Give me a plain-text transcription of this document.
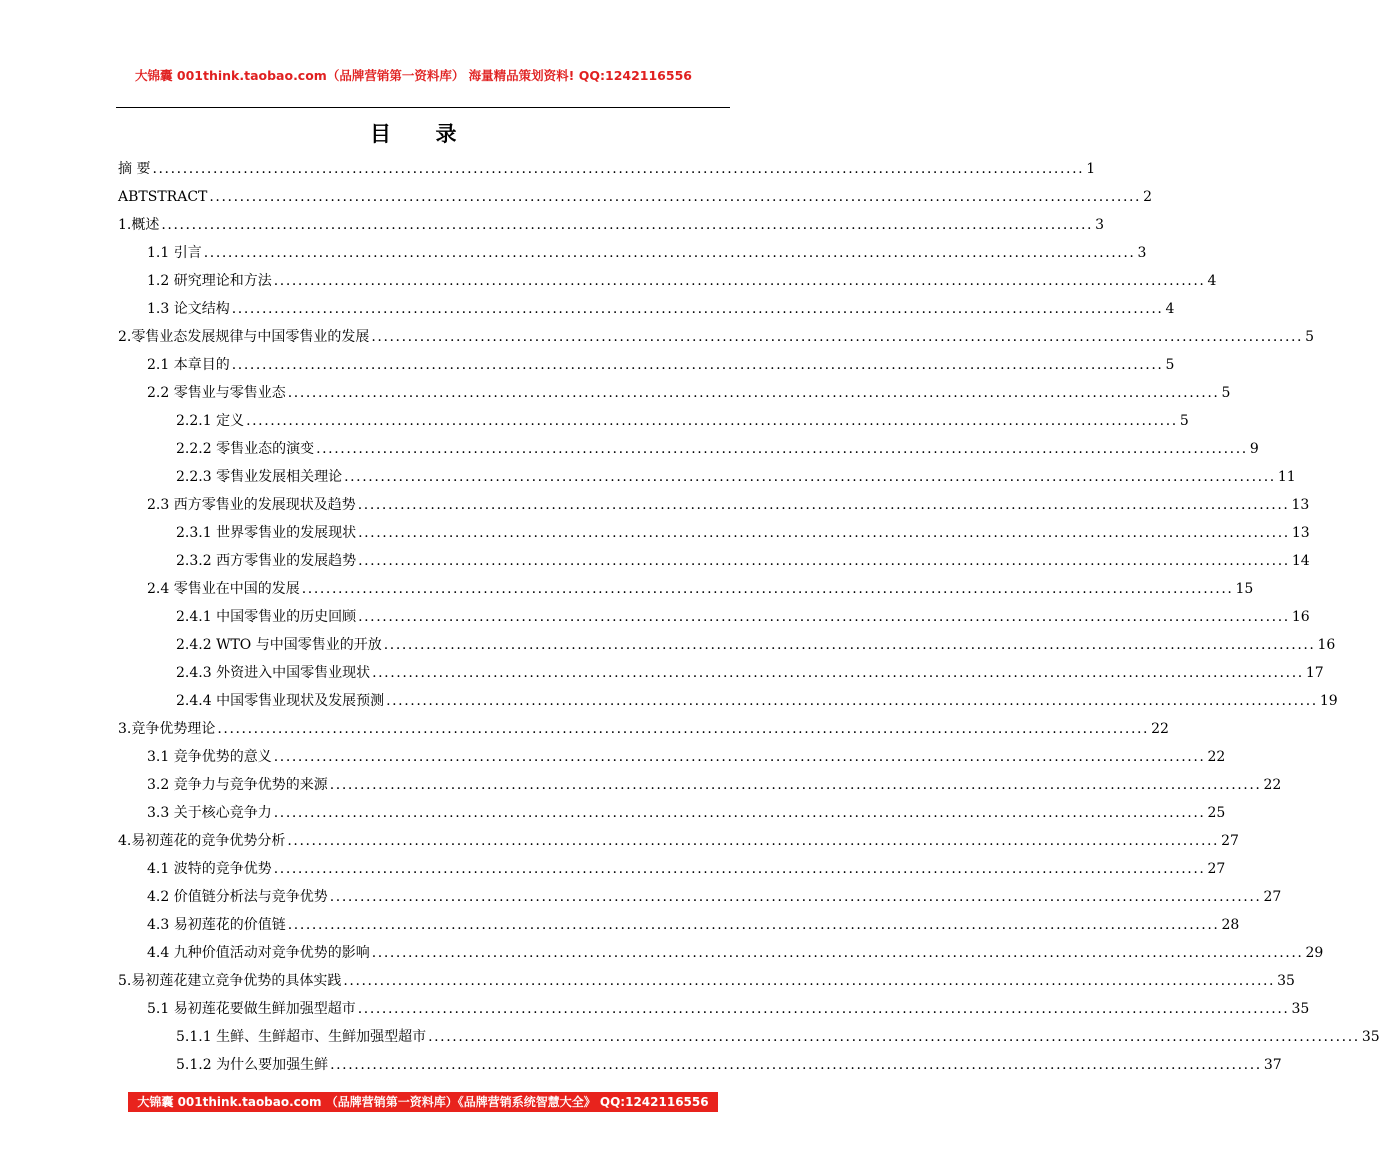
大锦囊 001think.taobao.com（品牌营销第一资料库） 海量精品策划资料! QQ:1242116556
目 录
摘 要 .......................................................................................................................................................... 1
ABTSTRACT .......................................................................................................................................................... 2
1.概述 .......................................................................................................................................................... 3
1.1 引言 .......................................................................................................................................................... 3
1.2 研究理论和方法 .......................................................................................................................................................... 4
1.3 论文结构 .......................................................................................................................................................... 4
2.零售业态发展规律与中国零售业的发展 .......................................................................................................................................................... 5
2.1 本章目的 .......................................................................................................................................................... 5
2.2 零售业与零售业态 .......................................................................................................................................................... 5
2.2.1 定义 .......................................................................................................................................................... 5
2.2.2 零售业态的演变 .......................................................................................................................................................... 9
2.2.3 零售业发展相关理论 .......................................................................................................................................................... 11
2.3 西方零售业的发展现状及趋势 .......................................................................................................................................................... 13
2.3.1 世界零售业的发展现状 .......................................................................................................................................................... 13
2.3.2 西方零售业的发展趋势 .......................................................................................................................................................... 14
2.4 零售业在中国的发展 .......................................................................................................................................................... 15
2.4.1 中国零售业的历史回顾 .......................................................................................................................................................... 16
2.4.2 WTO 与中国零售业的开放 .......................................................................................................................................................... 16
2.4.3 外资进入中国零售业现状 .......................................................................................................................................................... 17
2.4.4 中国零售业现状及发展预测 .......................................................................................................................................................... 19
3.竞争优势理论 .......................................................................................................................................................... 22
3.1 竞争优势的意义 .......................................................................................................................................................... 22
3.2 竞争力与竞争优势的来源 .......................................................................................................................................................... 22
3.3 关于核心竞争力 .......................................................................................................................................................... 25
4.易初莲花的竞争优势分析 .......................................................................................................................................................... 27
4.1 波特的竞争优势 .......................................................................................................................................................... 27
4.2 价值链分析法与竞争优势 .......................................................................................................................................................... 27
4.3 易初莲花的价值链 .......................................................................................................................................................... 28
4.4 九种价值活动对竞争优势的影响 .......................................................................................................................................................... 29
5.易初莲花建立竞争优势的具体实践 .......................................................................................................................................................... 35
5.1 易初莲花要做生鲜加强型超市 .......................................................................................................................................................... 35
5.1.1 生鲜、生鲜超市、生鲜加强型超市 .......................................................................................................................................................... 35
5.1.2 为什么要加强生鲜 .......................................................................................................................................................... 37
大锦囊 001think.taobao.com （品牌营销第一资料库）《品牌营销系统智慧大全》 QQ:1242116556
